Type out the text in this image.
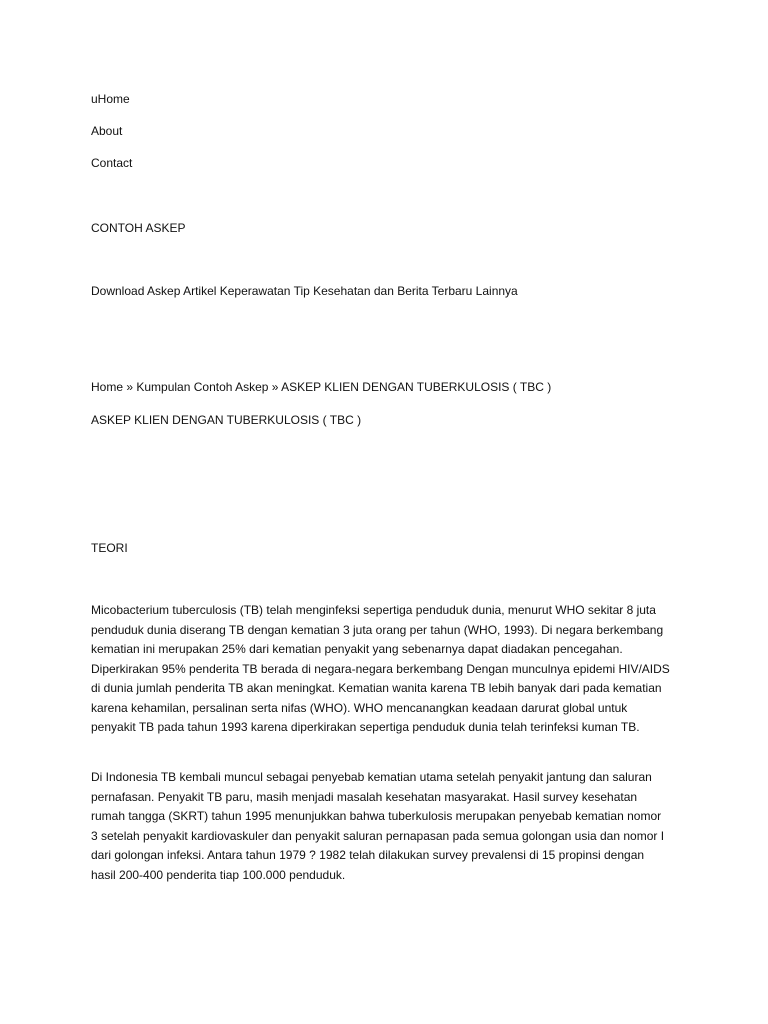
uHome
About
Contact
CONTOH ASKEP
Download Askep Artikel Keperawatan Tip Kesehatan dan Berita Terbaru Lainnya
Home » Kumpulan Contoh Askep » ASKEP KLIEN DENGAN TUBERKULOSIS ( TBC )
ASKEP KLIEN DENGAN TUBERKULOSIS ( TBC )
TEORI
Micobacterium tuberculosis (TB) telah menginfeksi sepertiga penduduk dunia, menurut WHO sekitar 8 juta penduduk dunia diserang TB dengan kematian 3 juta orang per tahun (WHO, 1993). Di negara berkembang kematian ini merupakan 25% dari kematian penyakit yang sebenarnya dapat diadakan pencegahan. Diperkirakan 95% penderita TB berada di negara-negara berkembang Dengan munculnya epidemi HIV/AIDS di dunia jumlah penderita TB akan meningkat. Kematian wanita karena TB lebih banyak dari pada kematian karena kehamilan, persalinan serta nifas (WHO). WHO mencanangkan keadaan darurat global untuk penyakit TB pada tahun 1993 karena diperkirakan sepertiga penduduk dunia telah terinfeksi kuman TB.
Di Indonesia TB kembali muncul sebagai penyebab kematian utama setelah penyakit jantung dan saluran pernafasan. Penyakit TB paru, masih menjadi masalah kesehatan masyarakat. Hasil survey kesehatan rumah tangga (SKRT) tahun 1995 menunjukkan bahwa tuberkulosis merupakan penyebab kematian nomor 3 setelah penyakit kardiovaskuler dan penyakit saluran pernapasan pada semua golongan usia dan nomor I dari golongan infeksi. Antara tahun 1979 ? 1982 telah dilakukan survey prevalensi di 15 propinsi dengan hasil 200-400 penderita tiap 100.000 penduduk.
